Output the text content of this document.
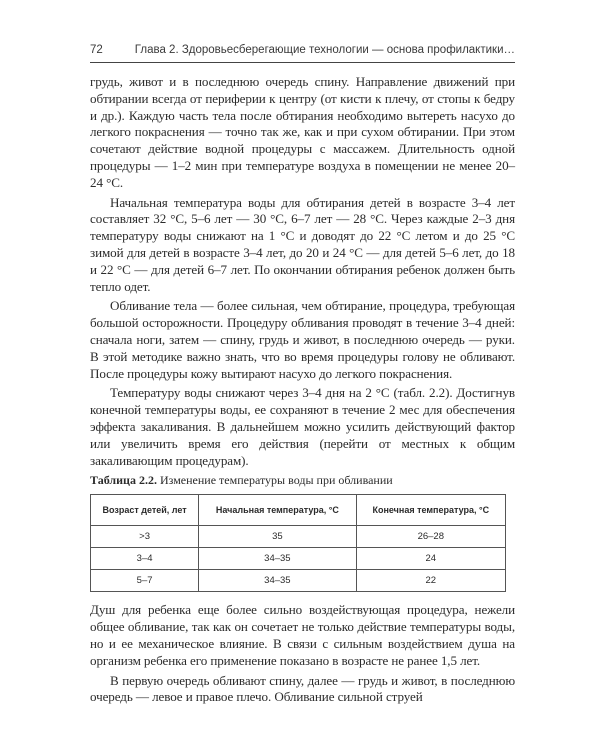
72	Глава 2. Здоровьесберегающие технологии — основа профилактики…

грудь, живот и в последнюю очередь спину. Направление движений при обтирании всегда от периферии к центру (от кисти к плечу, от стопы к бедру и др.). Каждую часть тела после обтирания необходимо вытереть насухо до легкого покраснения — точно так же, как и при сухом обтирании. При этом сочетают действие водной процедуры с массажем. Длительность одной процедуры — 1–2 мин при температуре воздуха в помещении не менее 20–24 °С.

Начальная температура воды для обтирания детей в возрасте 3–4 лет составляет 32 °С, 5–6 лет — 30 °С, 6–7 лет — 28 °С. Через каждые 2–3 дня температуру воды снижают на 1 °С и доводят до 22 °С летом и до 25 °С зимой для детей в возрасте 3–4 лет, до 20 и 24 °С — для детей 5–6 лет, до 18 и 22 °С — для детей 6–7 лет. По окончании обтирания ребенок должен быть тепло одет.

Обливание тела — более сильная, чем обтирание, процедура, требующая большой осторожности. Процедуру обливания проводят в течение 3–4 дней: сначала ноги, затем — спину, грудь и живот, в последнюю очередь — руки. В этой методике важно знать, что во время процедуры голову не обливают. После процедуры кожу вытирают насухо до легкого покраснения.

Температуру воды снижают через 3–4 дня на 2 °С (табл. 2.2). Достигнув конечной температуры воды, ее сохраняют в течение 2 мес для обеспечения эффекта закаливания. В дальнейшем можно усилить действующий фактор или увеличить время его действия (перейти от местных к общим закаливающим процедурам).

Таблица 2.2. Изменение температуры воды при обливании
Возраст детей, лет	Начальная температура, °С	Конечная температура, °С
>3	35	26–28
3–4	34–35	24
5–7	34–35	22

Душ для ребенка еще более сильно воздействующая процедура, нежели общее обливание, так как он сочетает не только действие температуры воды, но и ее механическое влияние. В связи с сильным воздействием душа на организм ребенка его применение показано в возрасте не ранее 1,5 лет.

В первую очередь обливают спину, далее — грудь и живот, в последнюю очередь — левое и правое плечо. Обливание сильной струей
